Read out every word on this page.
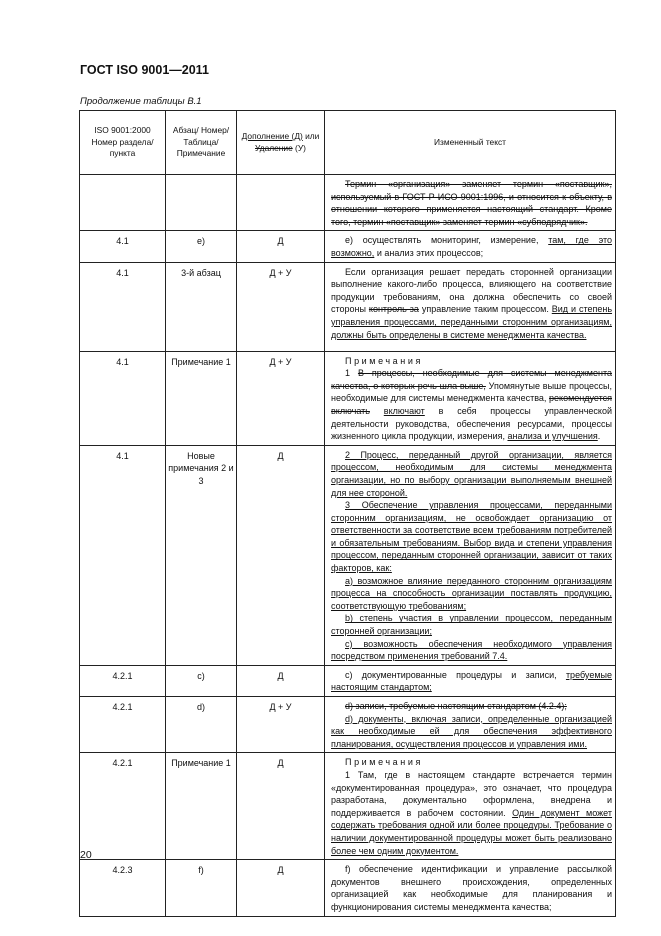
ГОСТ ISO 9001—2011
Продолжение таблицы В.1
ISO 9001:2000 Номер раздела/ пункта	Абзац/ Номер/ Таблица/ Примечание	Дополнение (Д) или Удаление (У)	Измененный текст

			Термин «организация» заменяет термин «поставщик», используемый в ГОСТ Р ИСО 9001:1996, и относится к объекту, в отношении которого применяется настоящий стандарт. Кроме того, термин «поставщик» заменяет термин «субподрядчик».

4.1	е)	Д	е) осуществлять мониторинг, измерение, там, где это возможно, и анализ этих процессов;

4.1	3-й абзац	Д + У	Если организация решает передать сторонней организации выполнение какого-либо процесса, влияющего на соответствие продукции требованиям, она должна обеспечить со своей стороны контроль за управление таким процессом. Вид и степень управления процессами, переданными сторонним организациям, должны быть определены в системе менеджмента качества.

4.1	Примечание 1	Д + У	Примечания

1 В процессы, необходимые для системы менеджмента качества, о которых речь шла выше, Упомянутые выше процессы, необходимые для системы менеджмента качества, рекомендуется включать включают в себя процессы управленческой деятельности руководства, обеспечения ресурсами, процессы жизненного цикла продукции, измерения, анализа и улучшения.

4.1	Новые примечания 2 и 3	Д	2 Процесс, переданный другой организации, является процессом, необходимым для системы менеджмента организации, но по выбору организации выполняемым внешней для нее стороной.

3 Обеспечение управления процессами, переданными сторонним организациям, не освобождает организацию от ответственности за соответствие всем требованиям потребителей и обязательным требованиям. Выбор вида и степени управления процессом, переданным сторонней организации, зависит от таких факторов, как:

а) возможное влияние переданного сторонним организациям процесса на способность организации поставлять продукцию, соответствующую требованиям;

b) степень участия в управлении процессом, переданным сторонней организации;

с) возможность обеспечения необходимого управления посредством применения требований 7.4.

4.2.1	с)	Д	с) документированные процедуры и записи, требуемые настоящим стандартом;

4.2.1	d)	Д + У	d) записи, требуемые настоящим стандартом (4.2.4);

d) документы, включая записи, определенные организацией как необходимые ей для обеспечения эффективного планирования, осуществления процессов и управления ими.

4.2.1	Примечание 1	Д	Примечания

1 Там, где в настоящем стандарте встречается термин «документированная процедура», это означает, что процедура разработана, документально оформлена, внедрена и поддерживается в рабочем состоянии. Один документ может содержать требования одной или более процедуры. Требование о наличии документированной процедуры может быть реализовано более чем одним документом.

4.2.3	f)	Д	f) обеспечение идентификации и управление рассылкой документов внешнего происхождения, определенных организацией как необходимые для планирования и функционирования системы менеджмента качества;

20
